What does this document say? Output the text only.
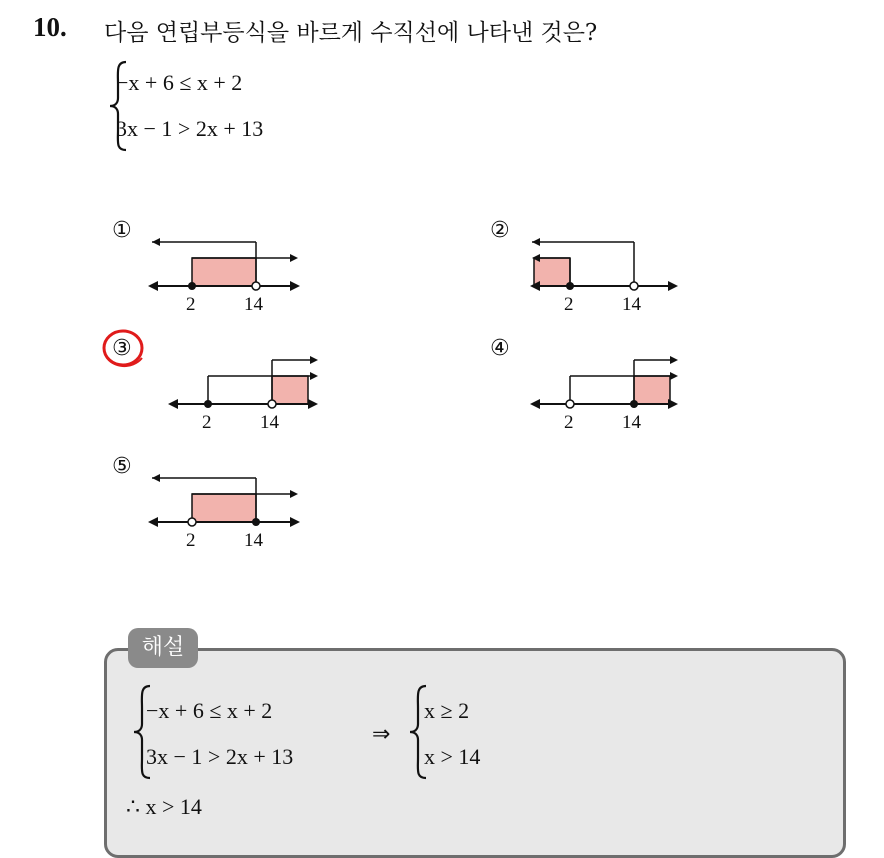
10. 다음 연립부등식을 바르게 수직선에 나타낸 것은?
−x + 6 ≤ x + 2
3x − 1 > 2x + 13
①	②
③	④
⑤
2	14	2	14
2	14	2	14
2	14
해설
−x + 6 ≤ x + 2
3x − 1 > 2x + 13
⇒
x ≥ 2
x > 14
∴ x > 14
